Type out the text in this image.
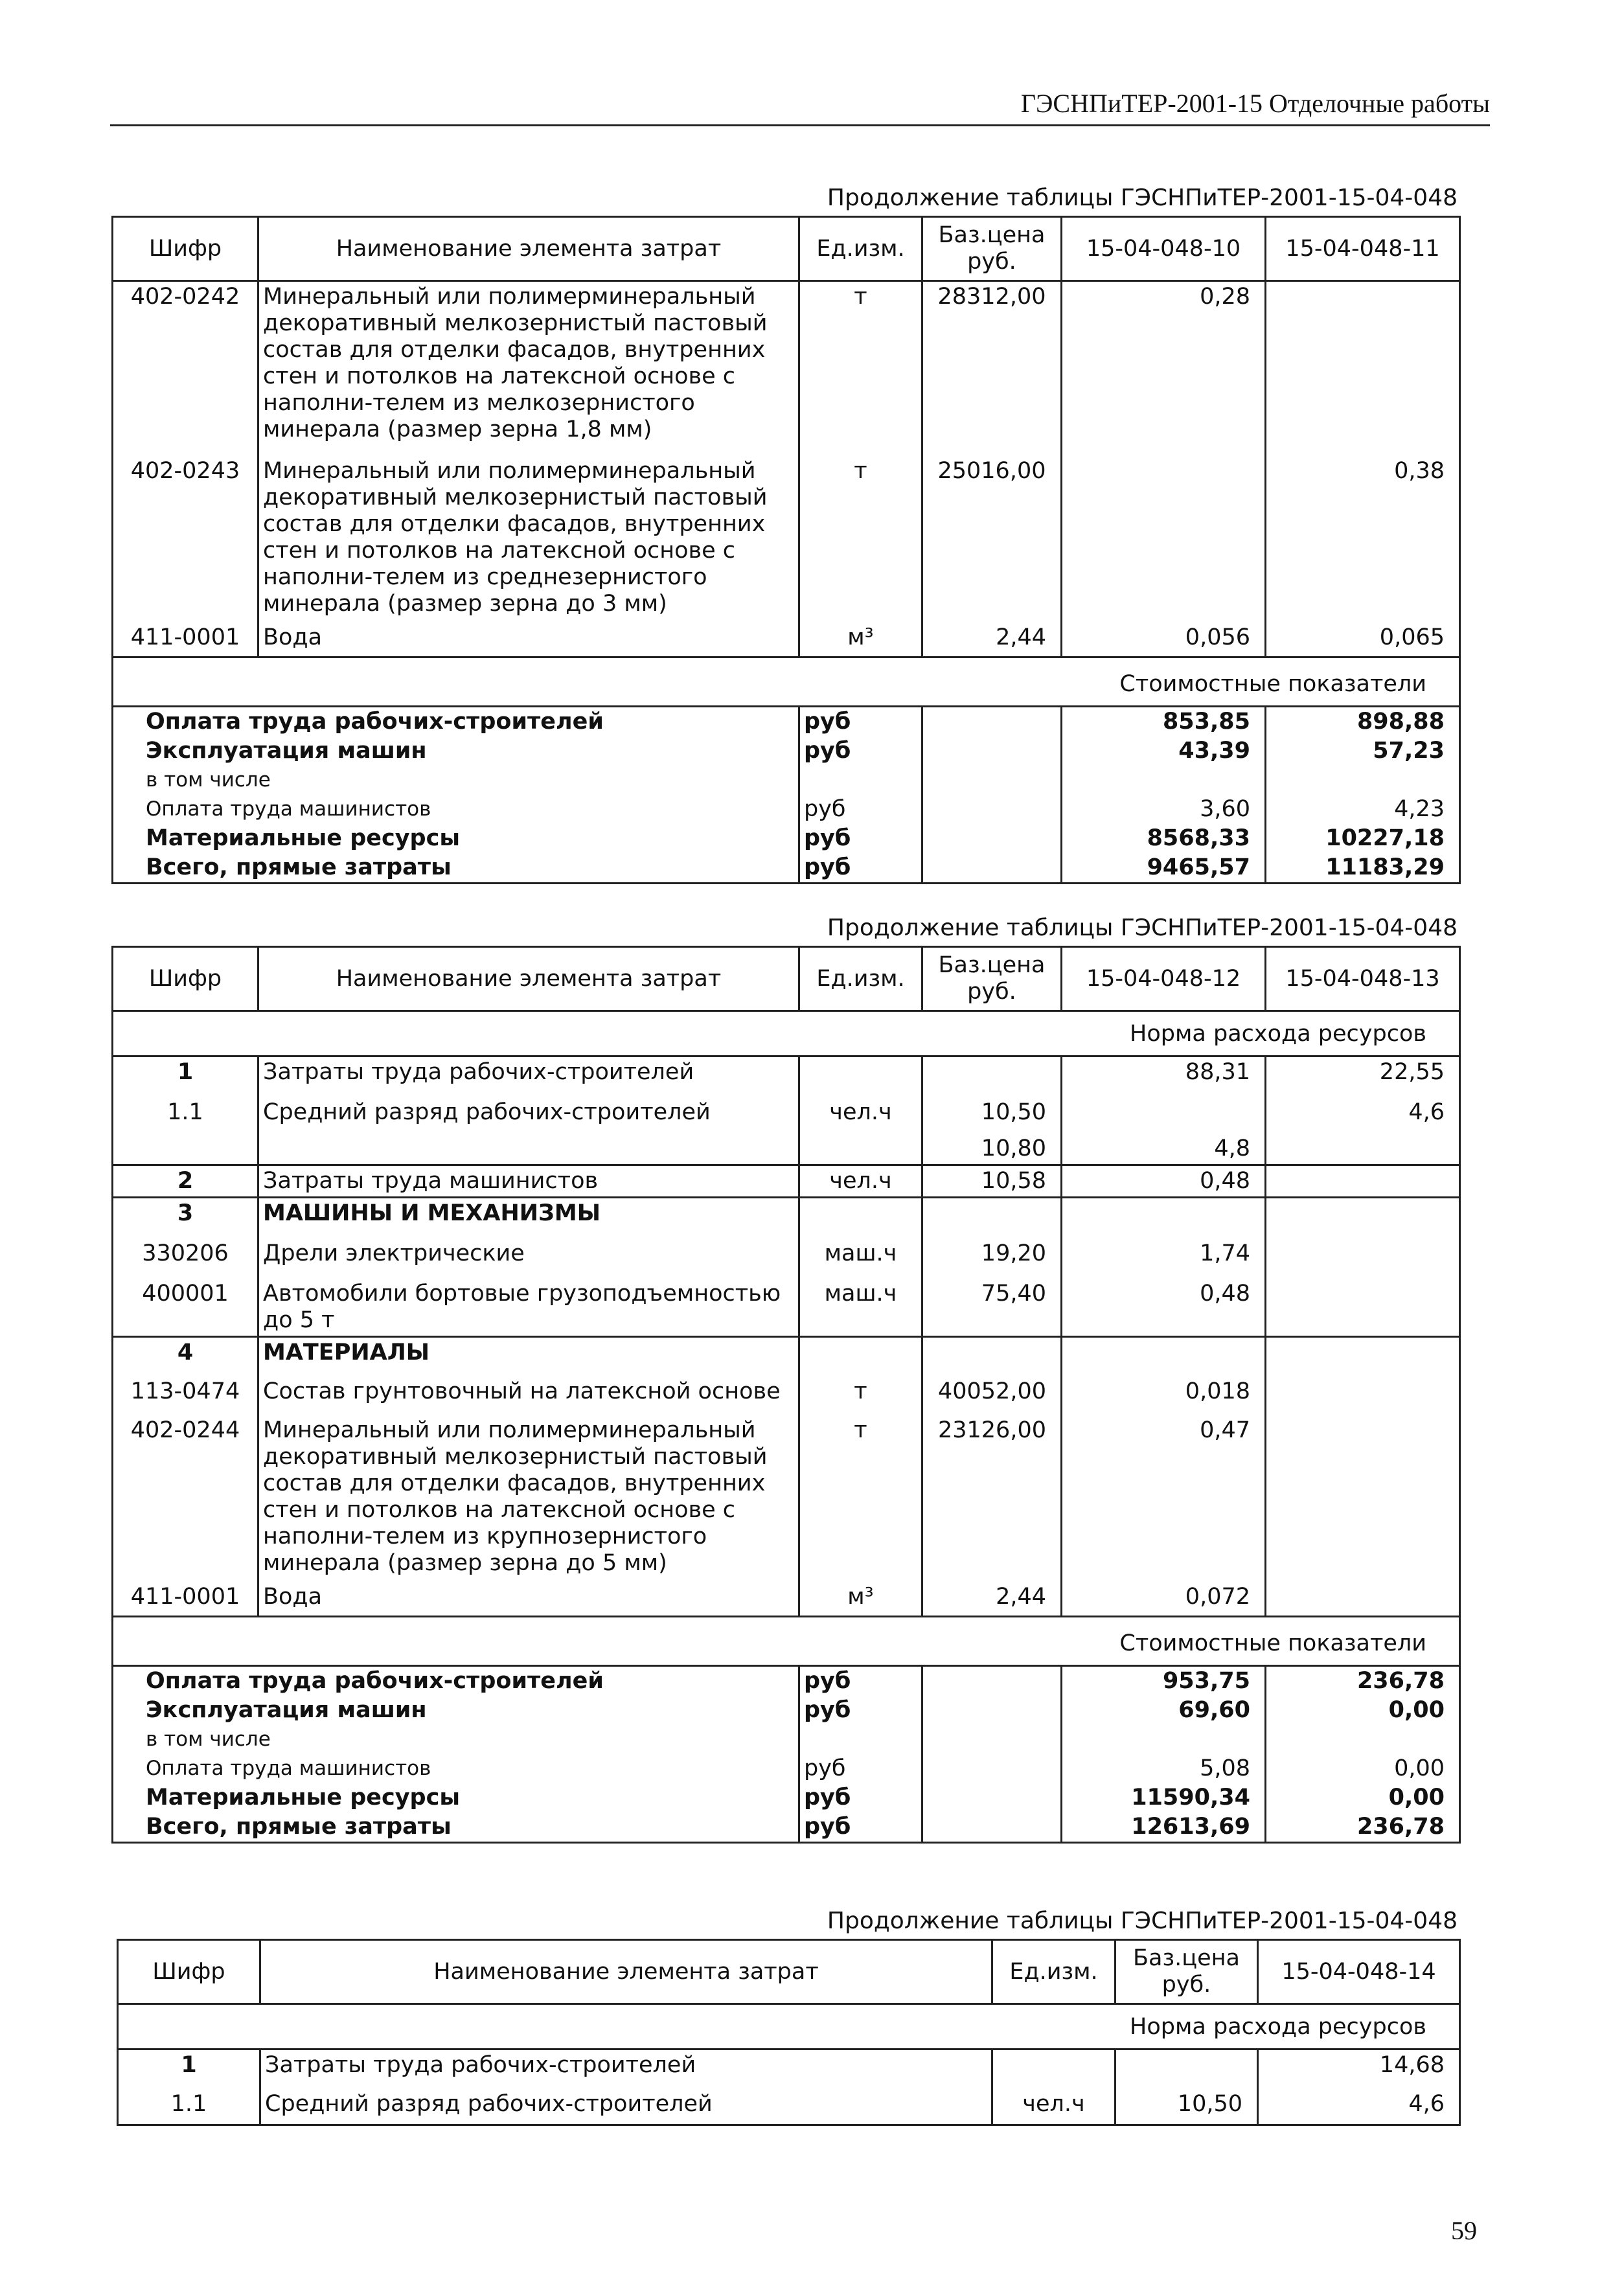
ГЭСНПиТЕР-2001-15 Отделочные работы
Продолжение таблицы ГЭСНПиТЕР-2001-15-04-048
Шифр	Наименование элемента затрат	Ед.изм.	Баз.цена руб.	15-04-048-10	15-04-048-11
402-0242	Минеральный или полимерминеральный декоративный мелкозернистый пастовый состав для отделки фасадов, внутренних стен и потолков на латексной основе с наполни-телем из мелкозернистого минерала (размер зерна 1,8 мм)	т	28312,00	0,28	
402-0243	Минеральный или полимерминеральный декоративный мелкозернистый пастовый состав для отделки фасадов, внутренних стен и потолков на латексной основе с наполни-телем из среднезернистого минерала (размер зерна до 3 мм)	т	25016,00		0,38
411-0001	Вода	м³	2,44	0,056	0,065
Стоимостные показатели					
Оплата труда рабочих-строителей		руб		853,85	898,88
Эксплуатация машин		руб		43,39	57,23
в том числе					
Оплата труда машинистов		руб		3,60	4,23
Материальные ресурсы		руб		8568,33	10227,18
Всего, прямые затраты		руб		9465,57	11183,29
Продолжение таблицы ГЭСНПиТЕР-2001-15-04-048
Шифр	Наименование элемента затрат	Ед.изм.	Баз.цена руб.	15-04-048-12	15-04-048-13
Норма расхода ресурсов					
1	Затраты труда рабочих-строителей			88,31	22,55
1.1	Средний разряд рабочих-строителей	чел.ч	10,50		4,6
			10,80	4,8	
2	Затраты труда машинистов	чел.ч	10,58	0,48	
3	МАШИНЫ И МЕХАНИЗМЫ				
330206	Дрели электрические	маш.ч	19,20	1,74	
400001	Автомобили бортовые грузоподъемностью до 5 т	маш.ч	75,40	0,48	
4	МАТЕРИАЛЫ				
113-0474	Состав грунтовочный на латексной основе	т	40052,00	0,018	
402-0244	Минеральный или полимерминеральный декоративный мелкозернистый пастовый состав для отделки фасадов, внутренних стен и потолков на латексной основе с наполни-телем из крупнозернистого минерала (размер зерна до 5 мм)	т	23126,00	0,47	
411-0001	Вода	м³	2,44	0,072	
Стоимостные показатели					
Оплата труда рабочих-строителей		руб		953,75	236,78
Эксплуатация машин		руб		69,60	0,00
в том числе					
Оплата труда машинистов		руб		5,08	0,00
Материальные ресурсы		руб		11590,34	0,00
Всего, прямые затраты		руб		12613,69	236,78
Продолжение таблицы ГЭСНПиТЕР-2001-15-04-048
Шифр	Наименование элемента затрат	Ед.изм.	Баз.цена руб.	15-04-048-14
Норма расхода ресурсов				
1	Затраты труда рабочих-строителей			14,68
1.1	Средний разряд рабочих-строителей	чел.ч	10,50	4,6
59
